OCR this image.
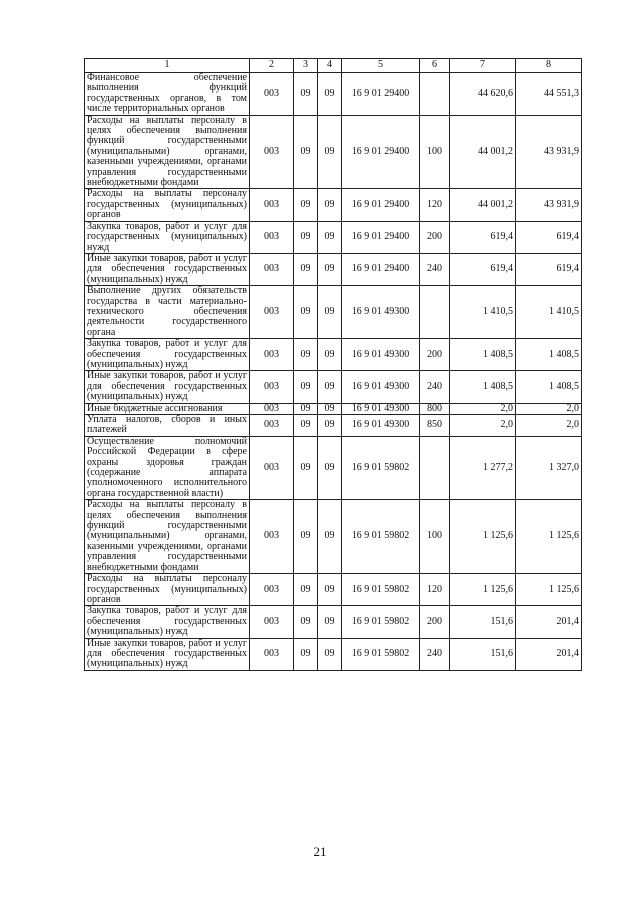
1	2	3	4	5	6	7	8
Финансовое обеспечение выполнения функций государственных органов, в том числе территориальных органов	003	09	09	16 9 01 29400		44 620,6	44 551,3
Расходы на выплаты персоналу в целях обеспечения выполнения функций государственными (муниципальными) органами, казенными учреждениями, органами управления государственными внебюджетными фондами	003	09	09	16 9 01 29400	100	44 001,2	43 931,9
Расходы на выплаты персоналу государственных (муниципальных) органов	003	09	09	16 9 01 29400	120	44 001,2	43 931,9
Закупка товаров, работ и услуг для государственных (муниципальных) нужд	003	09	09	16 9 01 29400	200	619,4	619,4
Иные закупки товаров, работ и услуг для обеспечения государственных (муниципальных) нужд	003	09	09	16 9 01 29400	240	619,4	619,4
Выполнение других обязательств государства в части материально-технического обеспечения деятельности государственного органа	003	09	09	16 9 01 49300		1 410,5	1 410,5
Закупка товаров, работ и услуг для обеспечения государственных (муниципальных) нужд	003	09	09	16 9 01 49300	200	1 408,5	1 408,5
Иные закупки товаров, работ и услуг для обеспечения государственных (муниципальных) нужд	003	09	09	16 9 01 49300	240	1 408,5	1 408,5
Иные бюджетные ассигнования	003	09	09	16 9 01 49300	800	2,0	2,0
Уплата налогов, сборов и иных платежей	003	09	09	16 9 01 49300	850	2,0	2,0
Осуществление полномочий Российской Федерации в сфере охраны здоровья граждан (содержание аппарата уполномоченного исполнительного органа государственной власти)	003	09	09	16 9 01 59802		1 277,2	1 327,0
Расходы на выплаты персоналу в целях обеспечения выполнения функций государственными (муниципальными) органами, казенными учреждениями, органами управления государственными внебюджетными фондами	003	09	09	16 9 01 59802	100	1 125,6	1 125,6
Расходы на выплаты персоналу государственных (муниципальных) органов	003	09	09	16 9 01 59802	120	1 125,6	1 125,6
Закупка товаров, работ и услуг для обеспечения государственных (муниципальных) нужд	003	09	09	16 9 01 59802	200	151,6	201,4
Иные закупки товаров, работ и услуг для обеспечения государственных (муниципальных) нужд	003	09	09	16 9 01 59802	240	151,6	201,4
21
